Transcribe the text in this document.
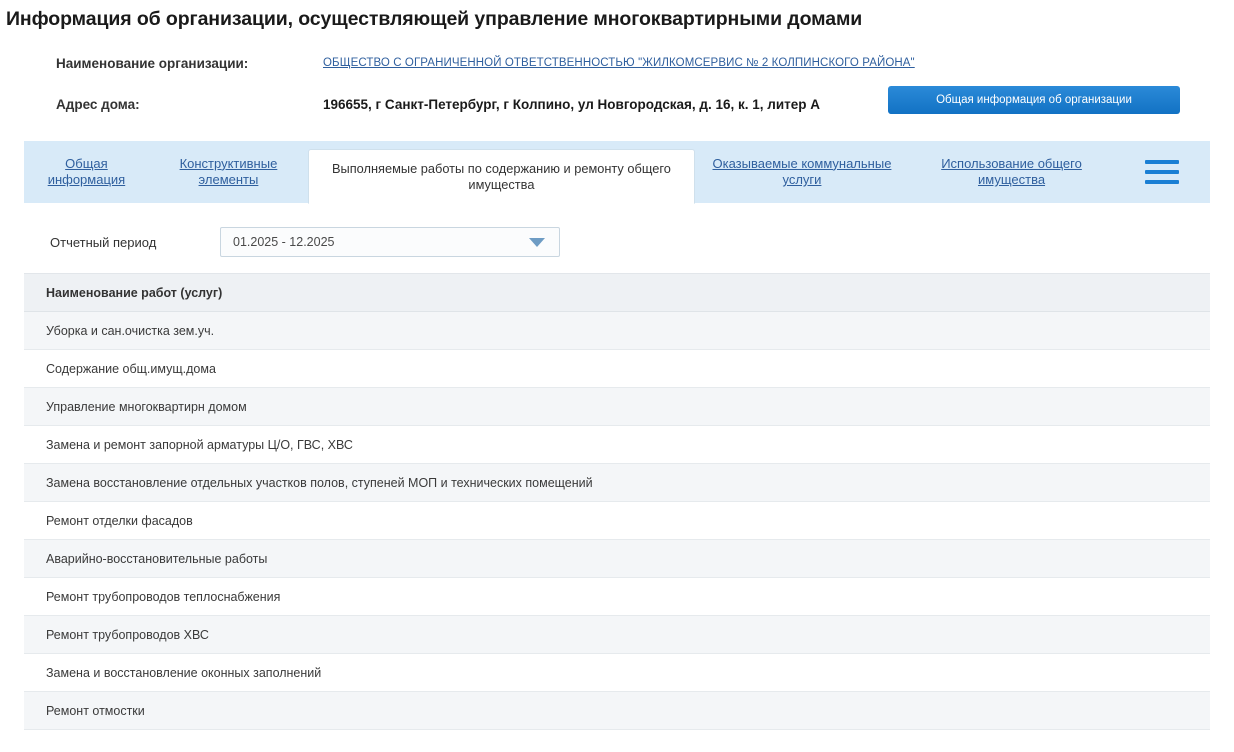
Информация об организации, осуществляющей управление многоквартирными домами
Наименование организации:	ОБЩЕСТВО С ОГРАНИЧЕННОЙ ОТВЕТСТВЕННОСТЬЮ "ЖИЛКОМСЕРВИС № 2 КОЛПИНСКОГО РАЙОНА"
Адрес дома:	196655, г Санкт-Петербург, г Колпино, ул Новгородская, д. 16, к. 1, литер А	Общая информация об организации
Общая информация
Конструктивные элементы
Выполняемые работы по содержанию и ремонту общего имущества
Оказываемые коммунальные услуги
Использование общего имущества
Отчетный период	01.2025 - 12.2025
Наименование работ (услуг)
Уборка и сан.очистка зем.уч.
Содержание общ.имущ.дома
Управление многоквартирн домом
Замена и ремонт запорной арматуры Ц/О, ГВС, ХВС
Замена восстановление отдельных участков полов, ступеней МОП и технических помещений
Ремонт отделки фасадов
Аварийно-восстановительные работы
Ремонт трубопроводов теплоснабжения
Ремонт трубопроводов ХВС
Замена и восстановление оконных заполнений
Ремонт отмостки
